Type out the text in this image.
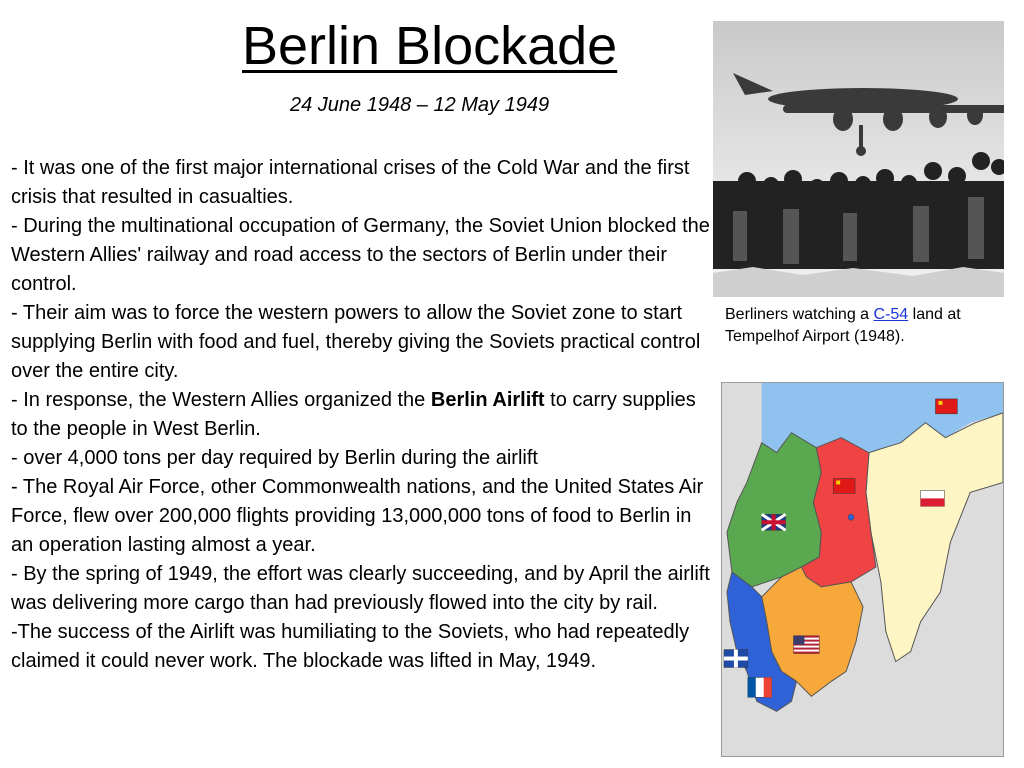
Berlin Blockade
24 June 1948 – 12 May 1949

- It was one of the first major international crises of the Cold War and the first crisis that resulted in casualties.

- During the multinational occupation of Germany, the Soviet Union blocked the Western Allies' railway and road access to the sectors of Berlin under their control.

- Their aim was to force the western powers to allow the Soviet zone to start supplying Berlin with food and fuel, thereby giving the Soviets practical control over the entire city.

- In response, the Western Allies organized the Berlin Airlift to carry supplies to the people in West Berlin.

- over 4,000 tons per day required by Berlin during the airlift

- The Royal Air Force, other Commonwealth nations, and the United States Air Force, flew over 200,000 flights providing 13,000,000 tons of food to Berlin in an operation lasting almost a year.

- By the spring of 1949, the effort was clearly succeeding, and by April the airlift was delivering more cargo than had previously flowed into the city by rail.

-The success of the Airlift was humiliating to the Soviets, who had repeatedly claimed it could never work. The blockade was lifted in May, 1949.

Berliners watching a C-54 land at Tempelhof Airport (1948).
